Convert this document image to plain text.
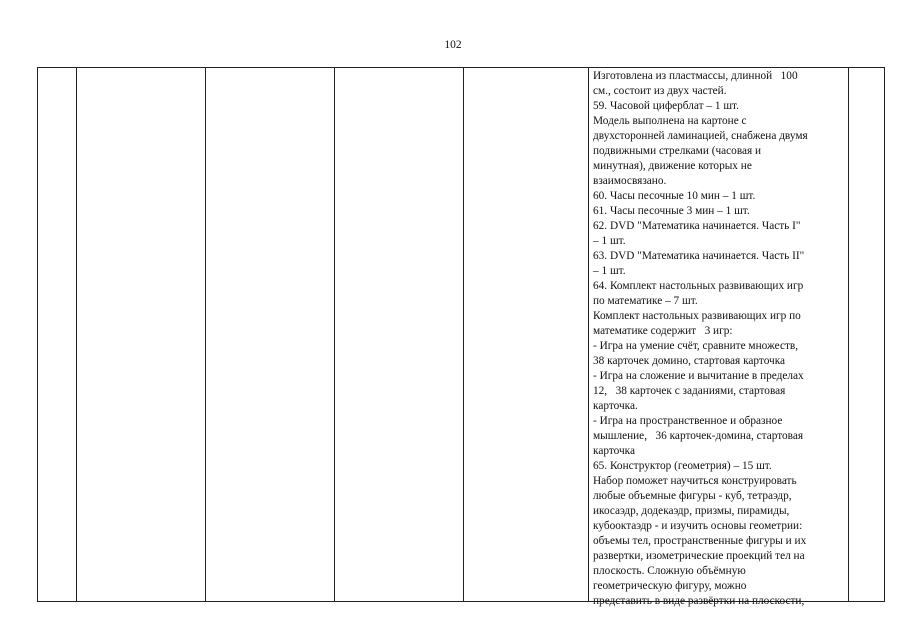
102
Изготовлена из пластмассы, длинной   100
см., состоит из двух частей.
59. Часовой циферблат – 1 шт.
Модель выполнена на картоне с
двухсторонней ламинацией, снабжена двумя
подвижными стрелками (часовая и
минутная), движение которых не
взаимосвязано.
60. Часы песочные 10 мин – 1 шт.
61. Часы песочные 3 мин – 1 шт.
62. DVD "Математика начинается. Часть I"
– 1 шт.
63. DVD "Математика начинается. Часть II"
– 1 шт.
64. Комплект настольных развивающих игр
по математике – 7 шт.
Комплект настольных развивающих игр по
математике содержит   3 игр:
- Игра на умение счёт, сравните множеств,
38 карточек домино, стартовая карточка
- Игра на сложение и вычитание в пределах
12,   38 карточек с заданиями, стартовая
карточка.
- Игра на пространственное и образное
мышление,   36 карточек-домина, стартовая
карточка
65. Конструктор (геометрия) – 15 шт.
Набор поможет научиться конструировать
любые объемные фигуры - куб, тетраэдр,
икосаэдр, додекаэдр, призмы, пирамиды,
кубооктаэдр - и изучить основы геометрии:
объемы тел, пространственные фигуры и их
развертки, изометрические проекций тел на
плоскость. Сложную объёмную
геометрическую фигуру, можно
представить в виде развёртки на плоскости,
